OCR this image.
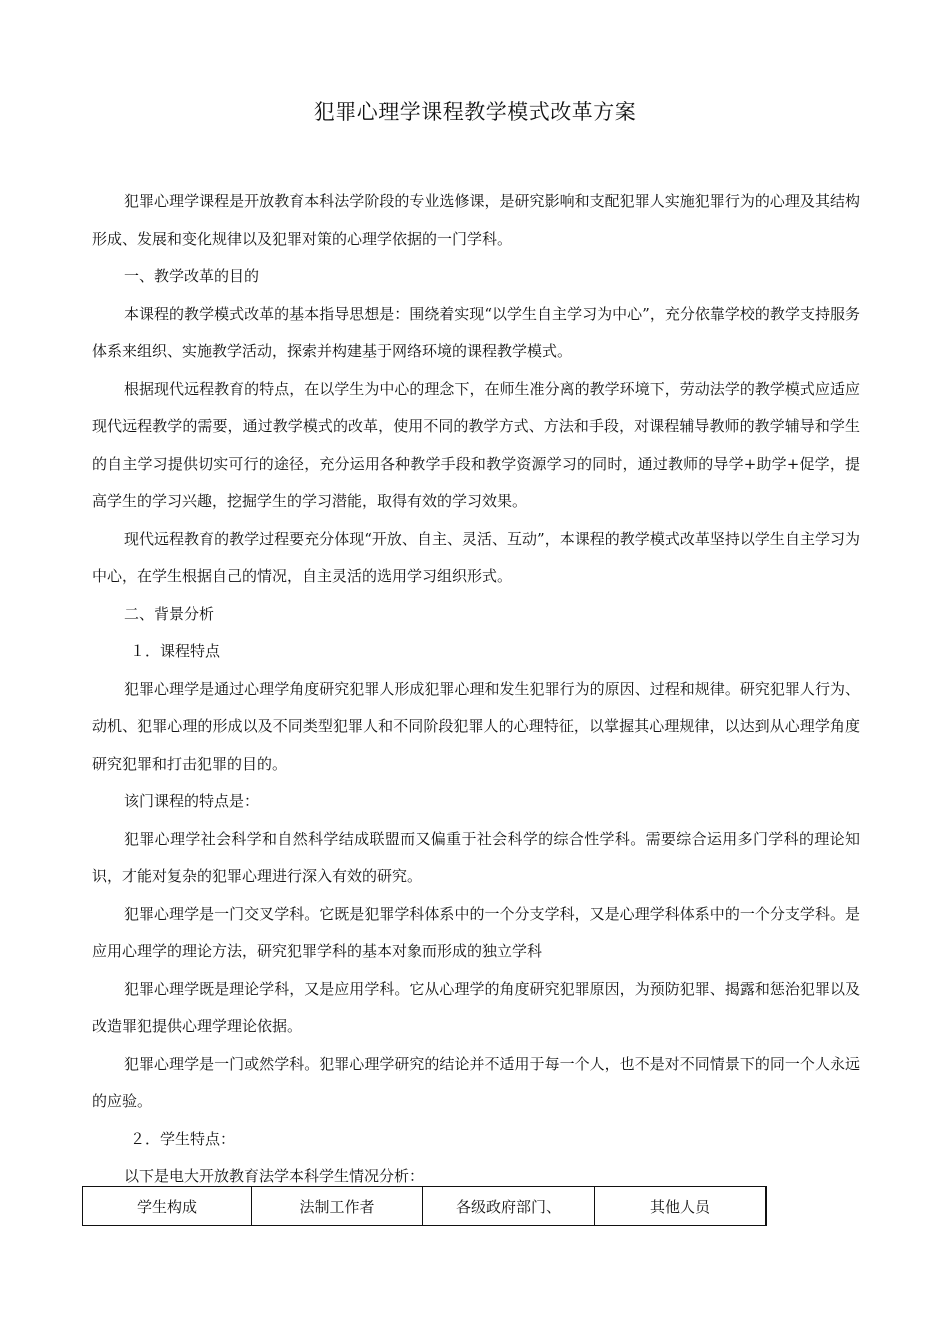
犯罪心理学课程教学模式改革方案

犯罪心理学课程是开放教育本科法学阶段的专业选修课，是研究影响和支配犯罪人实施犯罪行为的心理及其结构形成、发展和变化规律以及犯罪对策的心理学依据的一门学科。

一、教学改革的目的

本课程的教学模式改革的基本指导思想是：围绕着实现“以学生自主学习为中心”，充分依靠学校的教学支持服务体系来组织、实施教学活动，探索并构建基于网络环境的课程教学模式。

根据现代远程教育的特点，在以学生为中心的理念下，在师生准分离的教学环境下，劳动法学的教学模式应适应现代远程教学的需要，通过教学模式的改革，使用不同的教学方式、方法和手段，对课程辅导教师的教学辅导和学生的自主学习提供切实可行的途径，充分运用各种教学手段和教学资源学习的同时，通过教师的导学+助学+促学，提高学生的学习兴趣，挖掘学生的学习潜能，取得有效的学习效果。

现代远程教育的教学过程要充分体现“开放、自主、灵活、互动”，本课程的教学模式改革坚持以学生自主学习为中心，在学生根据自己的情况，自主灵活的选用学习组织形式。

二、背景分析

１．课程特点

犯罪心理学是通过心理学角度研究犯罪人形成犯罪心理和发生犯罪行为的原因、过程和规律。研究犯罪人行为、动机、犯罪心理的形成以及不同类型犯罪人和不同阶段犯罪人的心理特征，以掌握其心理规律，以达到从心理学角度研究犯罪和打击犯罪的目的。

该门课程的特点是：

犯罪心理学社会科学和自然科学结成联盟而又偏重于社会科学的综合性学科。需要综合运用多门学科的理论知识，才能对复杂的犯罪心理进行深入有效的研究。

犯罪心理学是一门交叉学科。它既是犯罪学科体系中的一个分支学科，又是心理学科体系中的一个分支学科。是应用心理学的理论方法，研究犯罪学科的基本对象而形成的独立学科

犯罪心理学既是理论学科，又是应用学科。它从心理学的角度研究犯罪原因，为预防犯罪、揭露和惩治犯罪以及改造罪犯提供心理学理论依据。

犯罪心理学是一门或然学科。犯罪心理学研究的结论并不适用于每一个人，也不是对不同情景下的同一个人永远的应验。

２．学生特点：

以下是电大开放教育法学本科学生情况分析：

学生构成	法制工作者	各级政府部门、	其他人员
